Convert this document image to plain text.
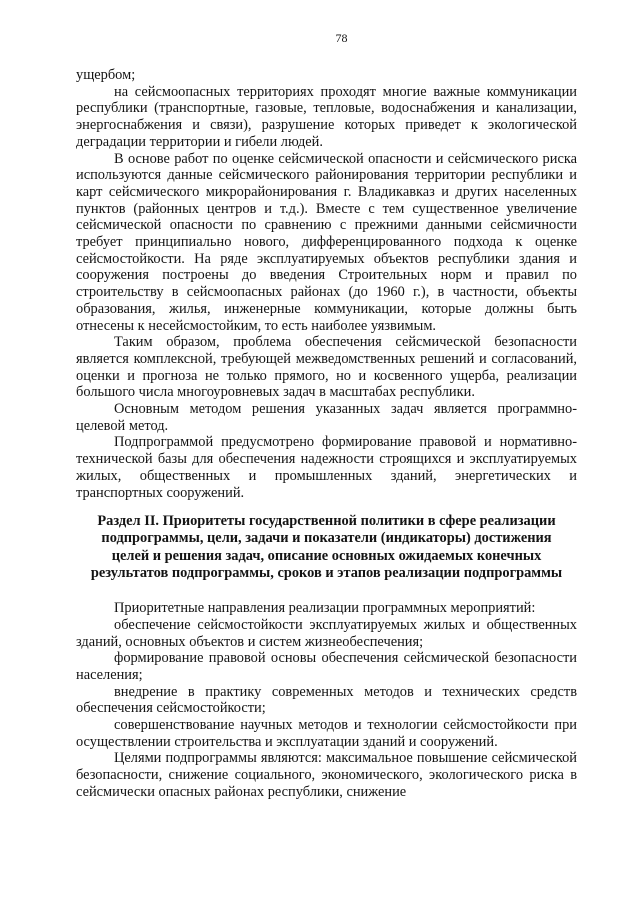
78

ущербом;

на сейсмоопасных территориях проходят многие важные коммуникации республики (транспортные, газовые, тепловые, водоснабжения и канализации, энергоснабжения и связи), разрушение которых приведет к экологической деградации территории и гибели людей.

В основе работ по оценке сейсмической опасности и сейсмического риска используются данные сейсмического районирования территории республики и карт сейсмического микрорайонирования г. Владикавказ и других населенных пунктов (районных центров и т.д.). Вместе с тем существенное увеличение сейсмической опасности по сравнению с прежними данными сейсмичности требует принципиально нового, дифференцированного подхода к оценке сейсмостойкости. На ряде эксплуатируемых объектов республики здания и сооружения построены до введения Строительных норм и правил по строительству в сейсмоопасных районах (до 1960 г.), в частности, объекты образования, жилья, инженерные коммуникации, которые должны быть отнесены к несейсмостойким, то есть наиболее уязвимым.

Таким образом, проблема обеспечения сейсмической безопасности является комплексной, требующей межведомственных решений и согласований, оценки и прогноза не только прямого, но и косвенного ущерба, реализации большого числа многоуровневых задач в масштабах республики.

Основным методом решения указанных задач является программно-целевой метод.

Подпрограммой предусмотрено формирование правовой и нормативно-технической базы для обеспечения надежности строящихся и эксплуатируемых жилых, общественных и промышленных зданий, энергетических и транспортных сооружений.

Раздел II. Приоритеты государственной политики в сфере реализации
подпрограммы, цели, задачи и показатели (индикаторы) достижения
целей и решения задач, описание основных ожидаемых конечных
результатов подпрограммы, сроков и этапов реализации подпрограммы

Приоритетные направления реализации программных мероприятий:

обеспечение сейсмостойкости эксплуатируемых жилых и общественных зданий, основных объектов и систем жизнеобеспечения;

формирование правовой основы обеспечения сейсмической безопасности населения;

внедрение в практику современных методов и технических средств обеспечения сейсмостойкости;

совершенствование научных методов и технологии сейсмостойкости при осуществлении строительства и эксплуатации зданий и сооружений.

Целями подпрограммы являются: максимальное повышение сейсмической безопасности, снижение социального, экономического, экологического риска в сейсмически опасных районах республики, снижение
